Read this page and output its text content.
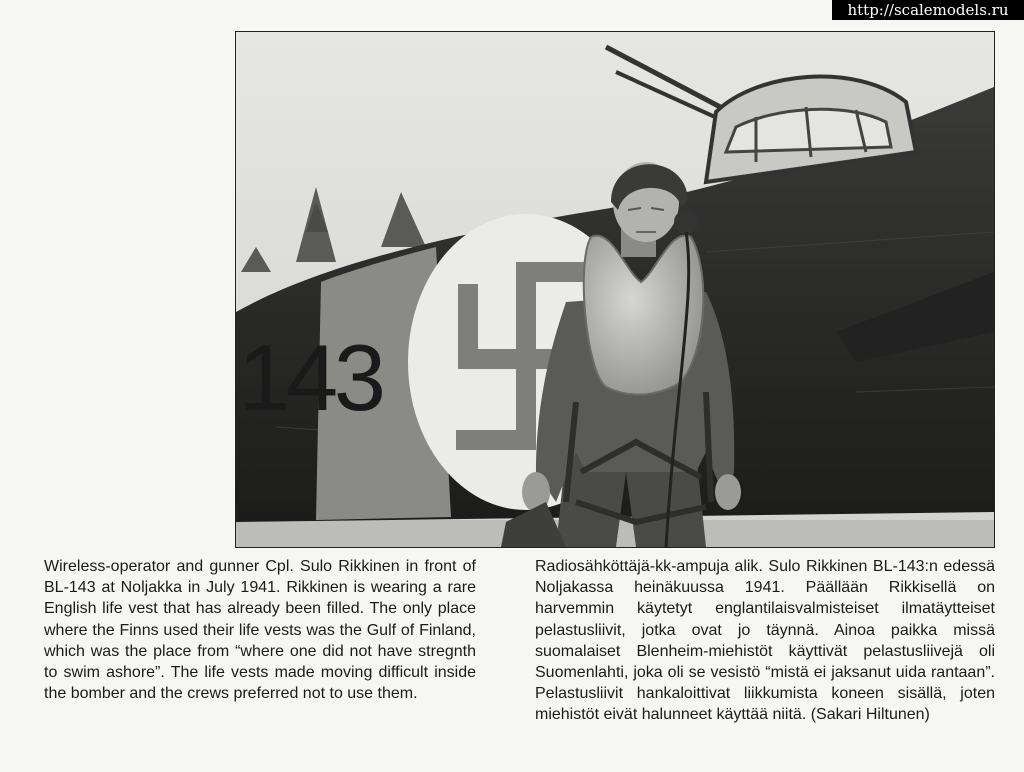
http://scalemodels.ru
143

Wireless-operator and gunner Cpl. Sulo Rikkinen in front of BL-143 at Noljakka in July 1941. Rikkinen is wearing a rare English life vest that has already been filled. The only place where the Finns used their life vests was the Gulf of Finland, which was the place from “where one did not have stregnth to swim ashore”. The life vests made moving difficult inside the bomber and the crews preferred not to use them.

Radiosähköttäjä-kk-ampuja alik. Sulo Rikkinen BL-143:n edessä Noljakassa heinäkuussa 1941. Päällään Rikkisellä on harvemmin käytetyt englantilaisvalmisteiset ilmatäytteiset pelastusliivit, jotka ovat jo täynnä. Ainoa paikka missä suomalaiset Blenheim-miehistöt käyttivät pelastusliivejä oli Suomenlahti, joka oli se vesistö “mistä ei jaksanut uida rantaan”. Pelastusliivit hankaloittivat liikkumista koneen sisällä, joten miehistöt eivät halunneet käyttää niitä. (Sakari Hiltunen)
